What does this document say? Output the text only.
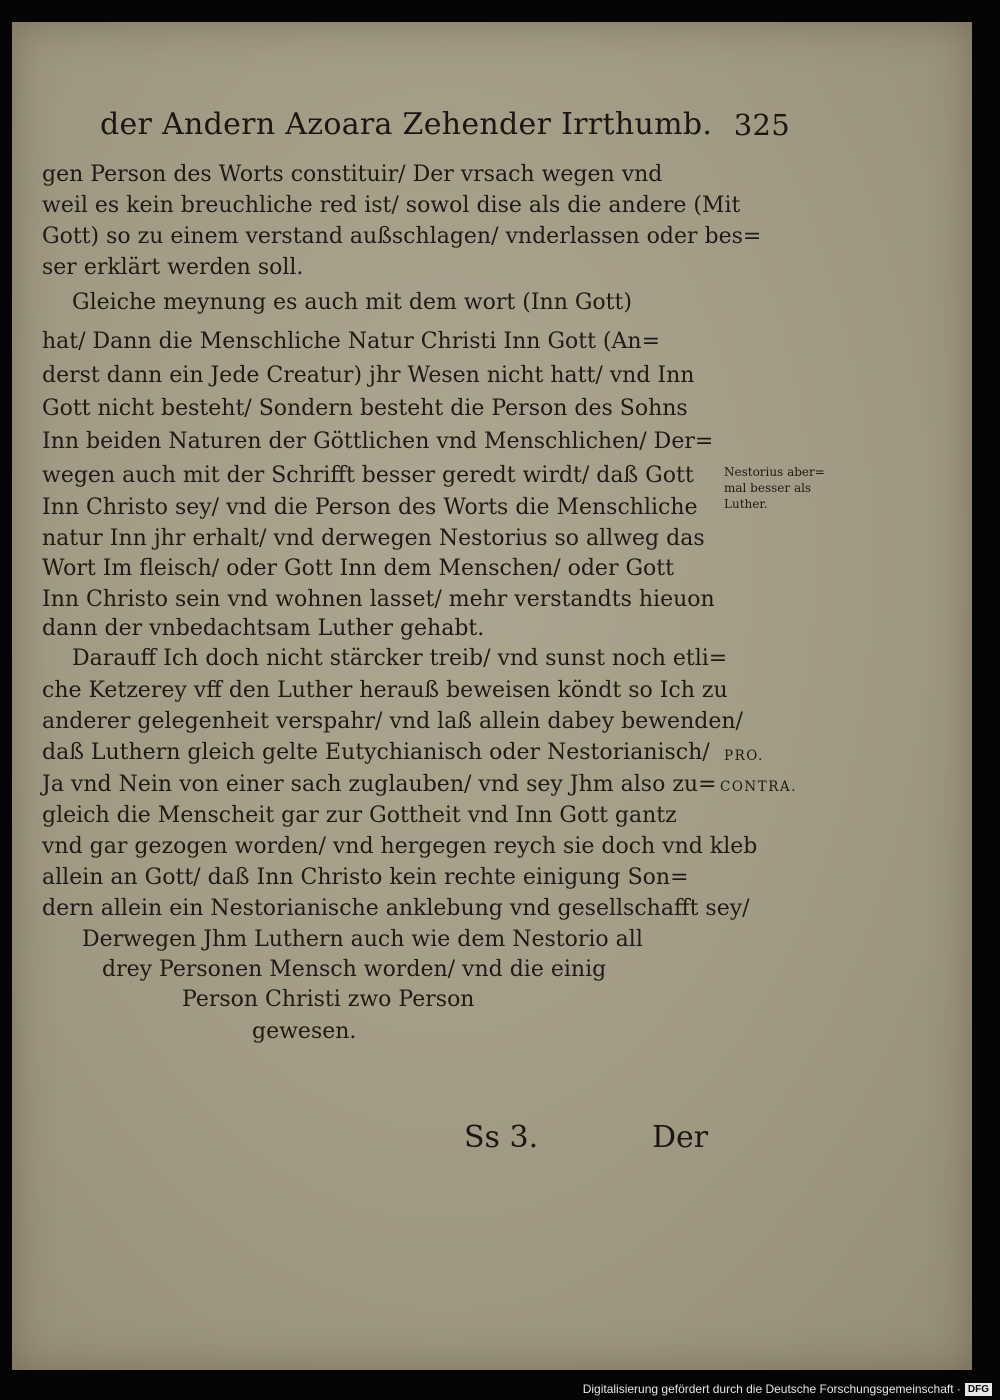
der Andern Azoara Zehender Irrthumb. 325
gen Person des Worts constituir/ Der vrsach wegen vnd
weil es kein breuchliche red ist/ sowol dise als die andere (Mit
Gott) so zu einem verstand außschlagen/ vnderlassen oder bes=
ser erklärt werden soll.
Gleiche meynung es auch mit dem wort (Inn Gott)
hat/ Dann die Menschliche Natur Christi Inn Gott (An=
derst dann ein Jede Creatur) jhr Wesen nicht hatt/ vnd Inn
Gott nicht besteht/ Sondern besteht die Person des Sohns
Inn beiden Naturen der Göttlichen vnd Menschlichen/ Der=
wegen auch mit der Schrifft besser geredt wirdt/ daß Gott
Inn Christo sey/ vnd die Person des Worts die Menschliche
natur Inn jhr erhalt/ vnd derwegen Nestorius so allweg das
Wort Im fleisch/ oder Gott Inn dem Menschen/ oder Gott
Inn Christo sein vnd wohnen lasset/ mehr verstandts hieuon
dann der vnbedachtsam Luther gehabt.
Darauff Ich doch nicht stärcker treib/ vnd sunst noch etli=
che Ketzerey vff den Luther herauß beweisen köndt so Ich zu
anderer gelegenheit verspahr/ vnd laß allein dabey bewenden/
daß Luthern gleich gelte Eutychianisch oder Nestorianisch/
Ja vnd Nein von einer sach zuglauben/ vnd sey Jhm also zu=
gleich die Menscheit gar zur Gottheit vnd Inn Gott gantz
vnd gar gezogen worden/ vnd hergegen reych sie doch vnd kleb
allein an Gott/ daß Inn Christo kein rechte einigung Son=
dern allein ein Nestorianische anklebung vnd gesellschafft sey/
Derwegen Jhm Luthern auch wie dem Nestorio all
drey Personen Mensch worden/ vnd die einig
Person Christi zwo Person
gewesen.
Nestorius aber=
mal besser als
Luther.
PRO.
CONTRA.
Ss 3.	Der
Digitalisierung gefördert durch die Deutsche Forschungsgemeinschaft · DFG
